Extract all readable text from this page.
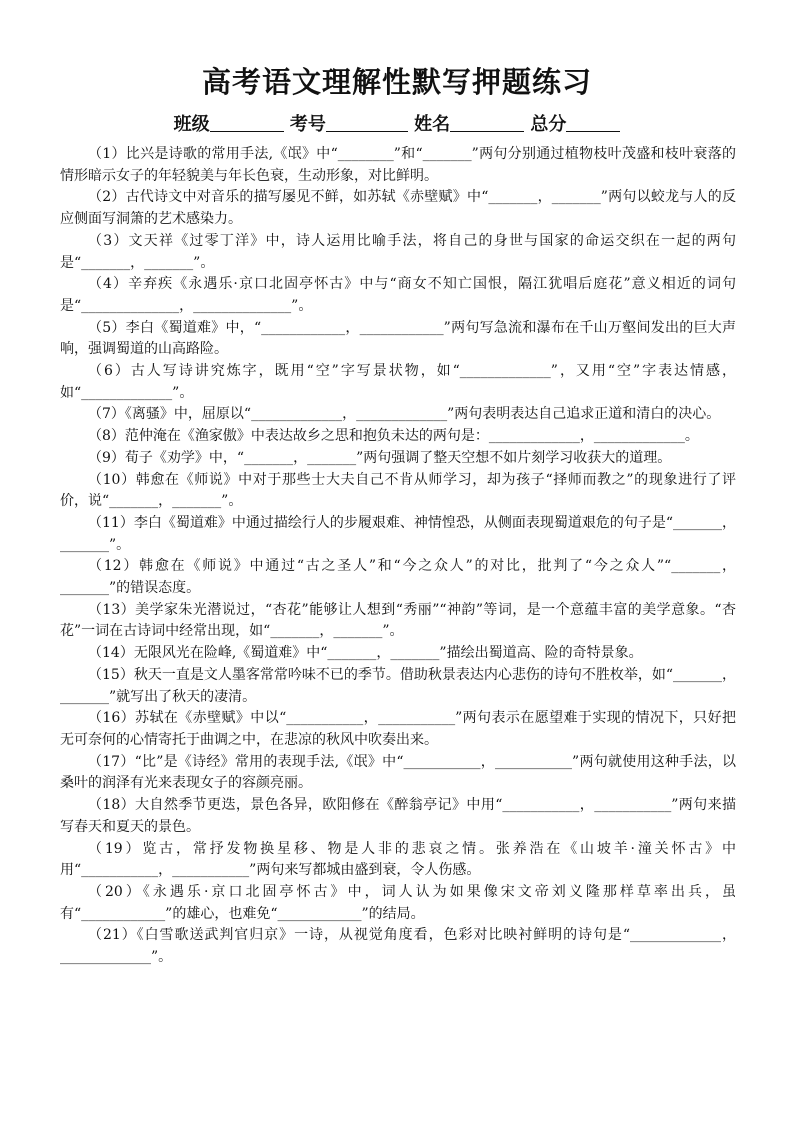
高考语文理解性默写押题练习
班级	考号	姓名	总分

（1）比兴是诗歌的常用手法,《氓》中“________”和“_______”两句分别通过植物枝叶茂盛和枝叶衰落的情形暗示女子的年轻貌美与年长色衰，生动形象，对比鲜明。

（2）古代诗文中对音乐的描写屡见不鲜，如苏轼《赤壁赋》中“_______，_______”两句以蛟龙与人的反应侧面写洞箫的艺术感染力。

（3）文天祥《过零丁洋》中，诗人运用比喻手法，将自己的身世与国家的命运交织在一起的两句是“_______，_______”。

（4）辛弃疾《永遇乐·京口北固亭怀古》中与“商女不知亡国恨，隔江犹唱后庭花”意义相近的词句是“______________，______________”。

（5）李白《蜀道难》中，“____________，____________”两句写急流和瀑布在千山万壑间发出的巨大声响，强调蜀道的山高路险。

（6）古人写诗讲究炼字，既用“空”字写景状物，如“_____________”，又用“空”字表达情感，如“_____________”。

（7）《离骚》中，屈原以“_____________，_____________”两句表明表达自己追求正道和清白的决心。

（8）范仲淹在《渔家傲》中表达故乡之思和抱负未达的两句是：_____________，_____________。

（9）荀子《劝学》中，“_______，_______”两句强调了整天空想不如片刻学习收获大的道理。

（10）韩愈在《师说》中对于那些士大夫自己不肯从师学习，却为孩子“择师而教之”的现象进行了评价，说“_______，_______”。

（11）李白《蜀道难》中通过描绘行人的步履艰难、神情惶恐，从侧面表现蜀道艰危的句子是“_______，_______”。

（12）韩愈在《师说》中通过“古之圣人”和“今之众人”的对比，批判了“今之众人”“_______，_______”的错误态度。

（13）美学家朱光潜说过，“杏花”能够让人想到“秀丽”“神韵”等词，是一个意蕴丰富的美学意象。“杏花”一词在古诗词中经常出现，如“_______，_______”。

（14）无限风光在险峰,《蜀道难》中“_______，_______”描绘出蜀道高、险的奇特景象。

（15）秋天一直是文人墨客常常吟味不已的季节。借助秋景表达内心悲伤的诗句不胜枚举，如“_______，_______”就写出了秋天的凄清。

（16）苏轼在《赤壁赋》中以“___________，___________”两句表示在愿望难于实现的情况下，只好把无可奈何的心情寄托于曲调之中，在悲凉的秋风中吹奏出来。

（17）“比”是《诗经》常用的表现手法,《氓》中“___________，___________”两句就使用这种手法，以桑叶的润泽有光来表现女子的容颜亮丽。

（18）大自然季节更迭，景色各异，欧阳修在《醉翁亭记》中用“___________，___________”两句来描写春天和夏天的景色。

（19）览古，常抒发物换星移、物是人非的悲哀之情。张养浩在《山坡羊·潼关怀古》中用“___________，___________”两句来写都城由盛到衰，令人伤感。

（20）《永遇乐·京口北固亭怀古》中，词人认为如果像宋文帝刘义隆那样草率出兵，虽有“____________”的雄心，也难免“____________”的结局。

（21）《白雪歌送武判官归京》一诗，从视觉角度看，色彩对比映衬鲜明的诗句是“_____________，_____________”。
